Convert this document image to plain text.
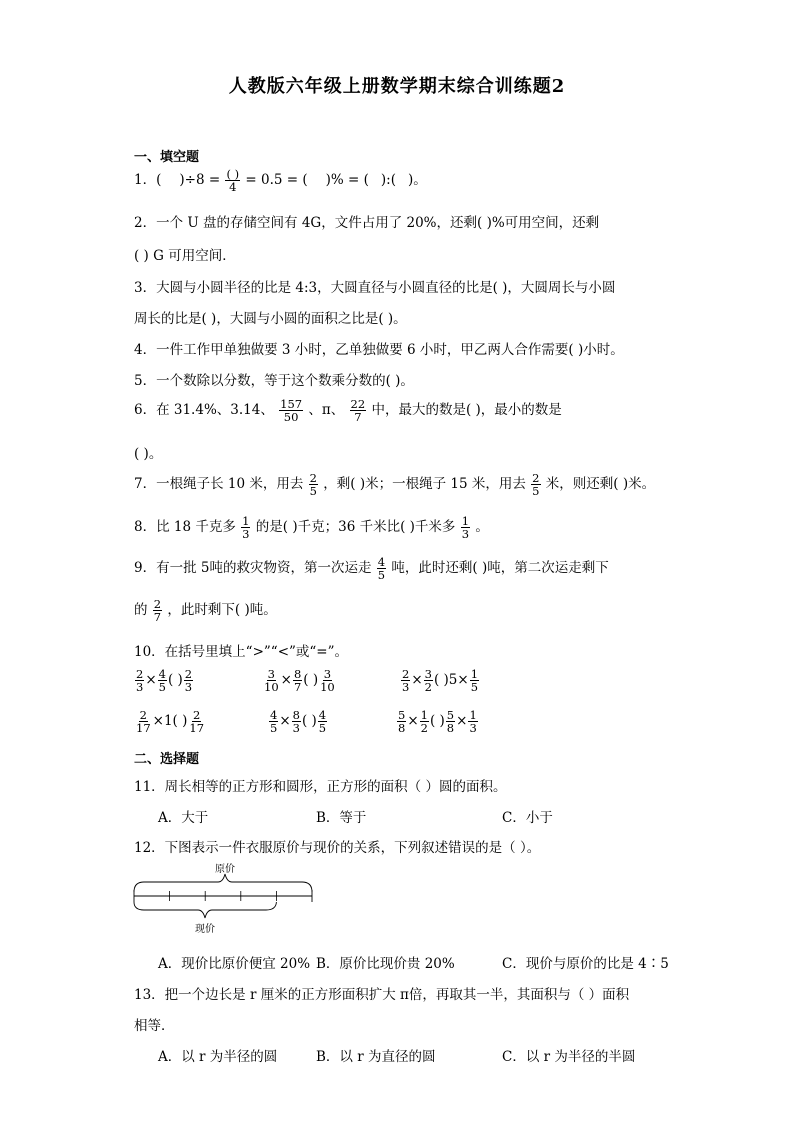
人教版六年级上册数学期末综合训练题2
一、填空题
1．( )$\div 8 = \frac{( )}{4} = 0.5$ = ( )% = ( ):( )。
2．一个 U 盘的存储空间有 4G，文件占用了 20%，还剩( )%可用空间，还剩
( ) G 可用空间．
3．大圆与小圆半径的比是 4:3，大圆直径与小圆直径的比是( )，大圆周长与小圆
周长的比是( )，大圆与小圆的面积之比是( )。
4．一件工作甲单独做要 3 小时，乙单独做要 6 小时，甲乙两人合作需要( )小时。
5．一个数除以分数，等于这个数乘分数的( )。
6．在 31.4%、3.14、 $\frac{157}{50}$ 、π、 $\frac{22}{7}$ 中，最大的数是( )，最小的数是
( )。
7．一根绳子长 10 米，用去 $\frac{2}{5}$ ，剩( )米；一根绳子 15 米，用去 $\frac{2}{5}$ 米，则还剩( )米。
8．比 18 千克多 $\frac{1}{3}$ 的是( )千克；36 千米比( )千米多 $\frac{1}{3}$ 。
9．有一批 5吨的救灾物资，第一次运走 $\frac{4}{5}$ 吨，此时还剩( )吨，第二次运走剩下
的 $\frac{2}{7}$ ，此时剩下( )吨。
10．在括号里填上“>”“<”或“=”。
$\frac{2}{3} \times \frac{4}{5}$ ( ) $\frac{2}{3}$	$\frac{3}{10} \times \frac{8}{7}$ ( ) $\frac{3}{10}$	$\frac{2}{3} \times \frac{3}{2}$ ( )$5\times \frac{1}{5}$
$\frac{2}{17} \times 1$( ) $\frac{2}{17}$	$\frac{4}{5} \times \frac{8}{3}$ ( ) $\frac{4}{5}$	$\frac{5}{8} \times \frac{1}{2}$ ( ) $\frac{5}{8} \times \frac{1}{3}$
二、选择题
11．周长相等的正方形和圆形，正方形的面积（ ）圆的面积。
A．大于	B．等于	C．小于
12．下图表示一件衣服原价与现价的关系，下列叙述错误的是（ ）。
原价
现价
A．现价比原价便宜 20% B．原价比现价贵 20%	C．现价与原价的比是 4∶5
13．把一个边长是 r 厘米的正方形面积扩大 π倍，再取其一半，其面积与（ ）面积
相等．
A．以 r 为半径的圆	B．以 r 为直径的圆	C．以 r 为半径的半圆
